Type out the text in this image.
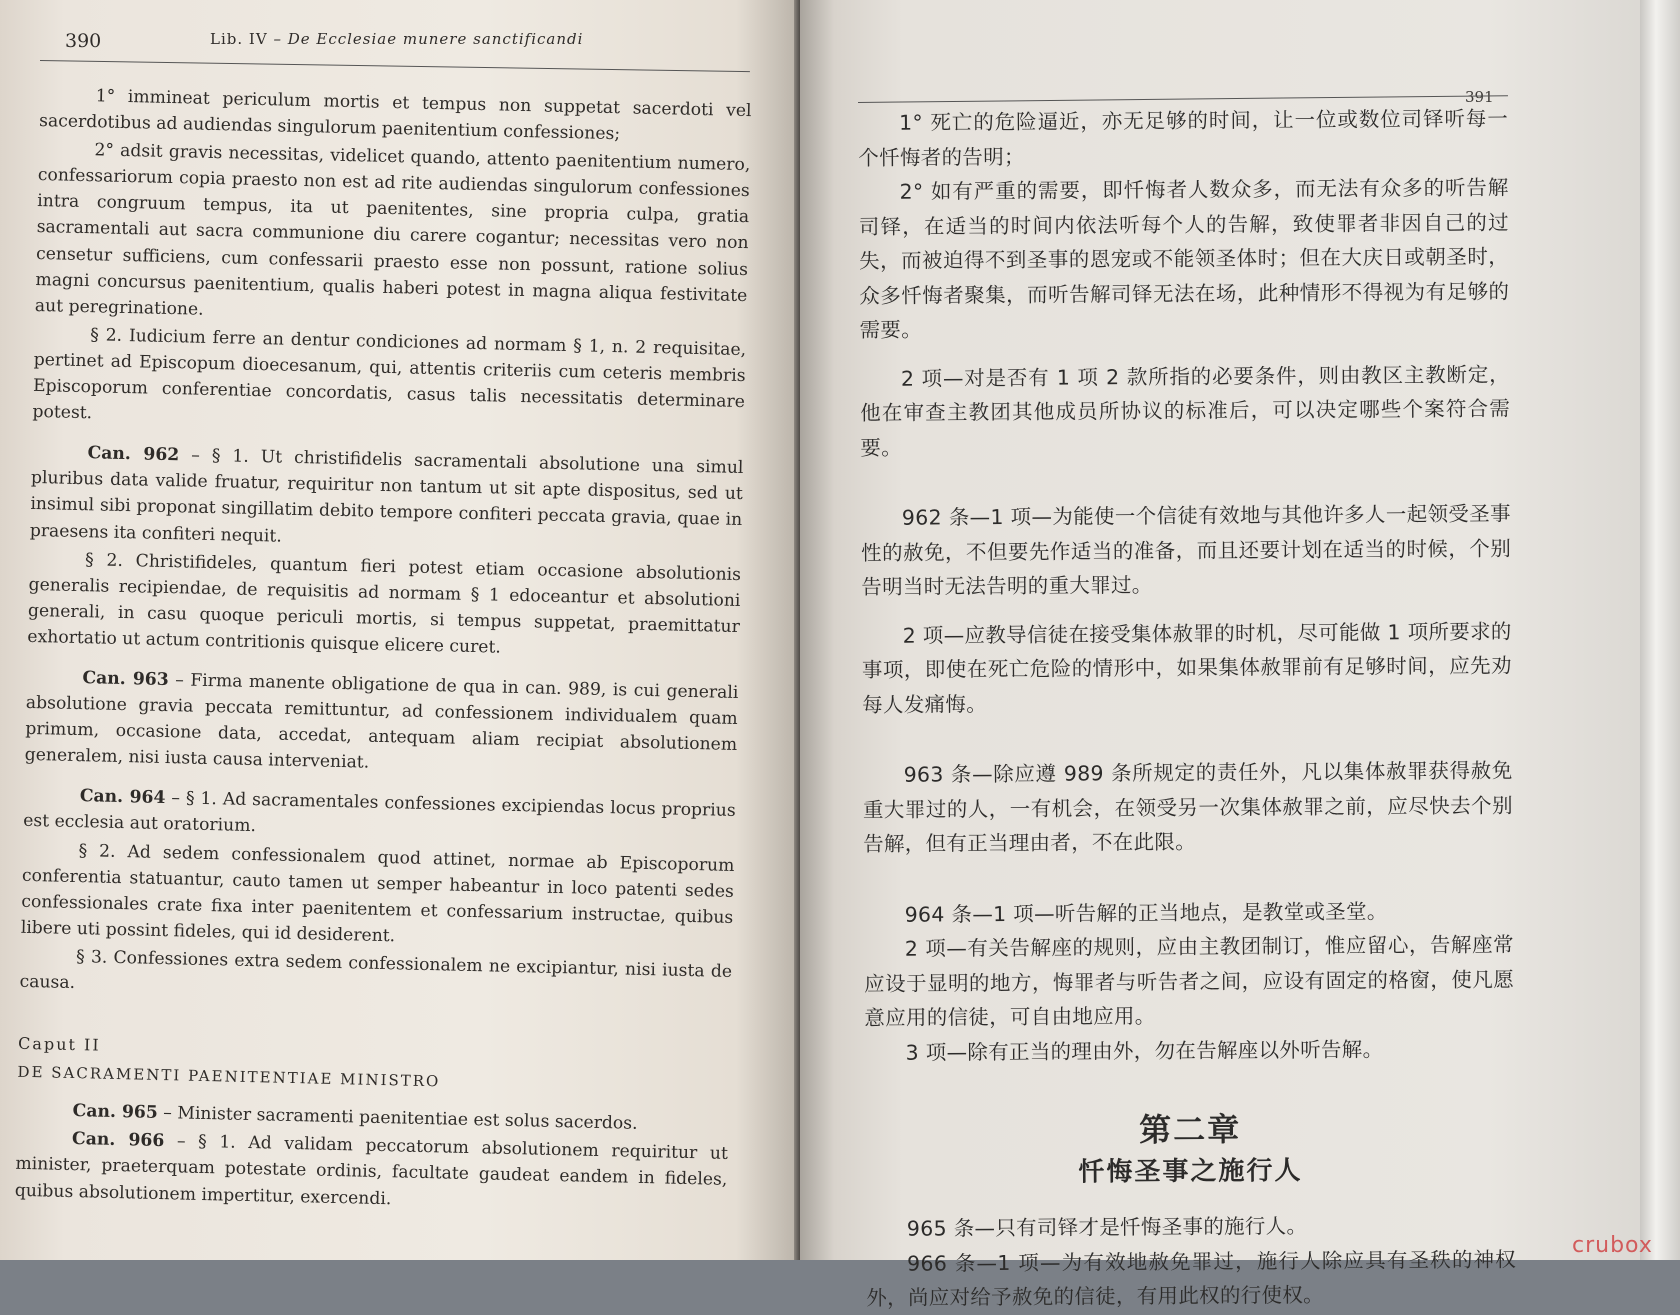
390	Lib. IV – De Ecclesiae munere sanctificandi

1° immineat periculum mortis et tempus non suppetat sacerdoti vel sacerdotibus ad audiendas singulorum paenitentium confessiones;

2° adsit gravis necessitas, videlicet quando, attento paenitentium numero, confessariorum copia praesto non est ad rite audiendas singulorum confessiones intra congruum tempus, ita ut paenitentes, sine propria culpa, gratia sacramentali aut sacra communione diu carere cogantur; necessitas vero non censetur sufficiens, cum confessarii praesto esse non possunt, ratione solius magni concursus paenitentium, qualis haberi potest in magna aliqua festivitate aut peregrinatione.

§ 2. Iudicium ferre an dentur condiciones ad normam § 1, n. 2 requisitae, pertinet ad Episcopum dioecesanum, qui, attentis criteriis cum ceteris membris Episcoporum conferentiae concordatis, casus talis necessitatis determinare potest.

Can. 962 – § 1. Ut christifidelis sacramentali absolutione una simul pluribus data valide fruatur, requiritur non tantum ut sit apte dispositus, sed ut insimul sibi proponat singillatim debito tempore confiteri peccata gravia, quae in praesens ita confiteri nequit.

§ 2. Christifideles, quantum fieri potest etiam occasione absolutionis generalis recipiendae, de requisitis ad normam § 1 edoceantur et absolutioni generali, in casu quoque periculi mortis, si tempus suppetat, praemittatur exhortatio ut actum contritionis quisque elicere curet.

Can. 963 – Firma manente obligatione de qua in can. 989, is cui generali absolutione gravia peccata remittuntur, ad confessionem individualem quam primum, occasione data, accedat, antequam aliam recipiat absolutionem generalem, nisi iusta causa interveniat.

Can. 964 – § 1. Ad sacramentales confessiones excipiendas locus proprius est ecclesia aut oratorium.

§ 2. Ad sedem confessionalem quod attinet, normae ab Episcoporum conferentia statuantur, cauto tamen ut semper habeantur in loco patenti sedes confessionales crate fixa inter paenitentem et confessarium instructae, quibus libere uti possint fideles, qui id desiderent.

§ 3. Confessiones extra sedem confessionalem ne excipiantur, nisi iusta de causa.

Caput II

DE SACRAMENTI PAENITENTIAE MINISTRO

Can. 965 – Minister sacramenti paenitentiae est solus sacerdos.

Can. 966 – § 1. Ad validam peccatorum absolutionem requiritur ut minister, praeterquam potestate ordinis, facultate gaudeat eandem in fideles, quibus absolutionem impertitur, exercendi.

391

1° 死亡的危险逼近，亦无足够的时间，让一位或数位司铎听每一个忏悔者的告明；

2° 如有严重的需要，即忏悔者人数众多，而无法有众多的听告解司铎，在适当的时间内依法听每个人的告解，致使罪者非因自己的过失，而被迫得不到圣事的恩宠或不能领圣体时；但在大庆日或朝圣时，众多忏悔者聚集，而听告解司铎无法在场，此种情形不得视为有足够的需要。

2 项—对是否有 1 项 2 款所指的必要条件，则由教区主教断定，他在审查主教团其他成员所协议的标准后，可以决定哪些个案符合需要。

962 条—1 项—为能使一个信徒有效地与其他许多人一起领受圣事性的赦免，不但要先作适当的准备，而且还要计划在适当的时候，个别告明当时无法告明的重大罪过。

2 项—应教导信徒在接受集体赦罪的时机，尽可能做 1 项所要求的事项，即使在死亡危险的情形中，如果集体赦罪前有足够时间，应先劝每人发痛悔。

963 条—除应遵 989 条所规定的责任外，凡以集体赦罪获得赦免重大罪过的人，一有机会，在领受另一次集体赦罪之前，应尽快去个别告解，但有正当理由者，不在此限。

964 条—1 项—听告解的正当地点，是教堂或圣堂。

2 项—有关告解座的规则，应由主教团制订，惟应留心，告解座常应设于显明的地方，悔罪者与听告者之间，应设有固定的格窗，使凡愿意应用的信徒，可自由地应用。

3 项—除有正当的理由外，勿在告解座以外听告解。

第二章

忏悔圣事之施行人

965 条—只有司铎才是忏悔圣事的施行人。

966 条—1 项—为有效地赦免罪过，施行人除应具有圣秩的神权外，尚应对给予赦免的信徒，有用此权的行使权。

crubox
